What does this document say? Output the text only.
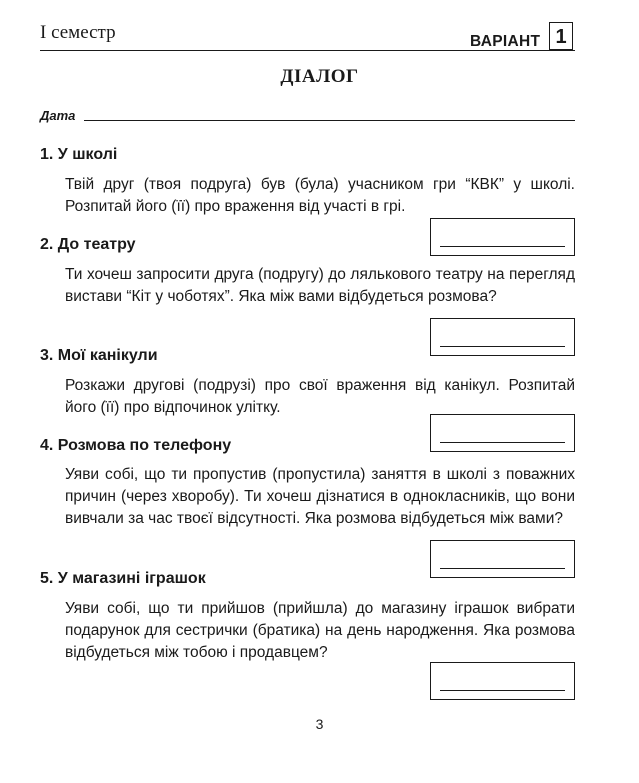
I семестр	ВАРІАНТ 1
ДІАЛОГ
Дата
1. У школі
Твій друг (твоя подруга) був (була) учасником гри “КВК” у школі. Розпитай його (її) про враження від участі в грі.
2. До театру
Ти хочеш запросити друга (подругу) до лялькового театру на перегляд вистави “Кіт у чоботях”. Яка між вами відбудеться розмова?
3. Мої канікули
Розкажи другові (подрузі) про свої враження від канікул. Розпитай його (її) про відпочинок улітку.
4. Розмова по телефону
Уяви собі, що ти пропустив (пропустила) заняття в школі з поважних причин (через хворобу). Ти хочеш дізнатися в однокласників, що вони вивчали за час твоєї відсутності. Яка розмова відбудеться між вами?
5. У магазині іграшок
Уяви собі, що ти прийшов (прийшла) до магазину іграшок вибрати подарунок для сестрички (братика) на день народження. Яка розмова відбудеться між тобою і продавцем?
3
